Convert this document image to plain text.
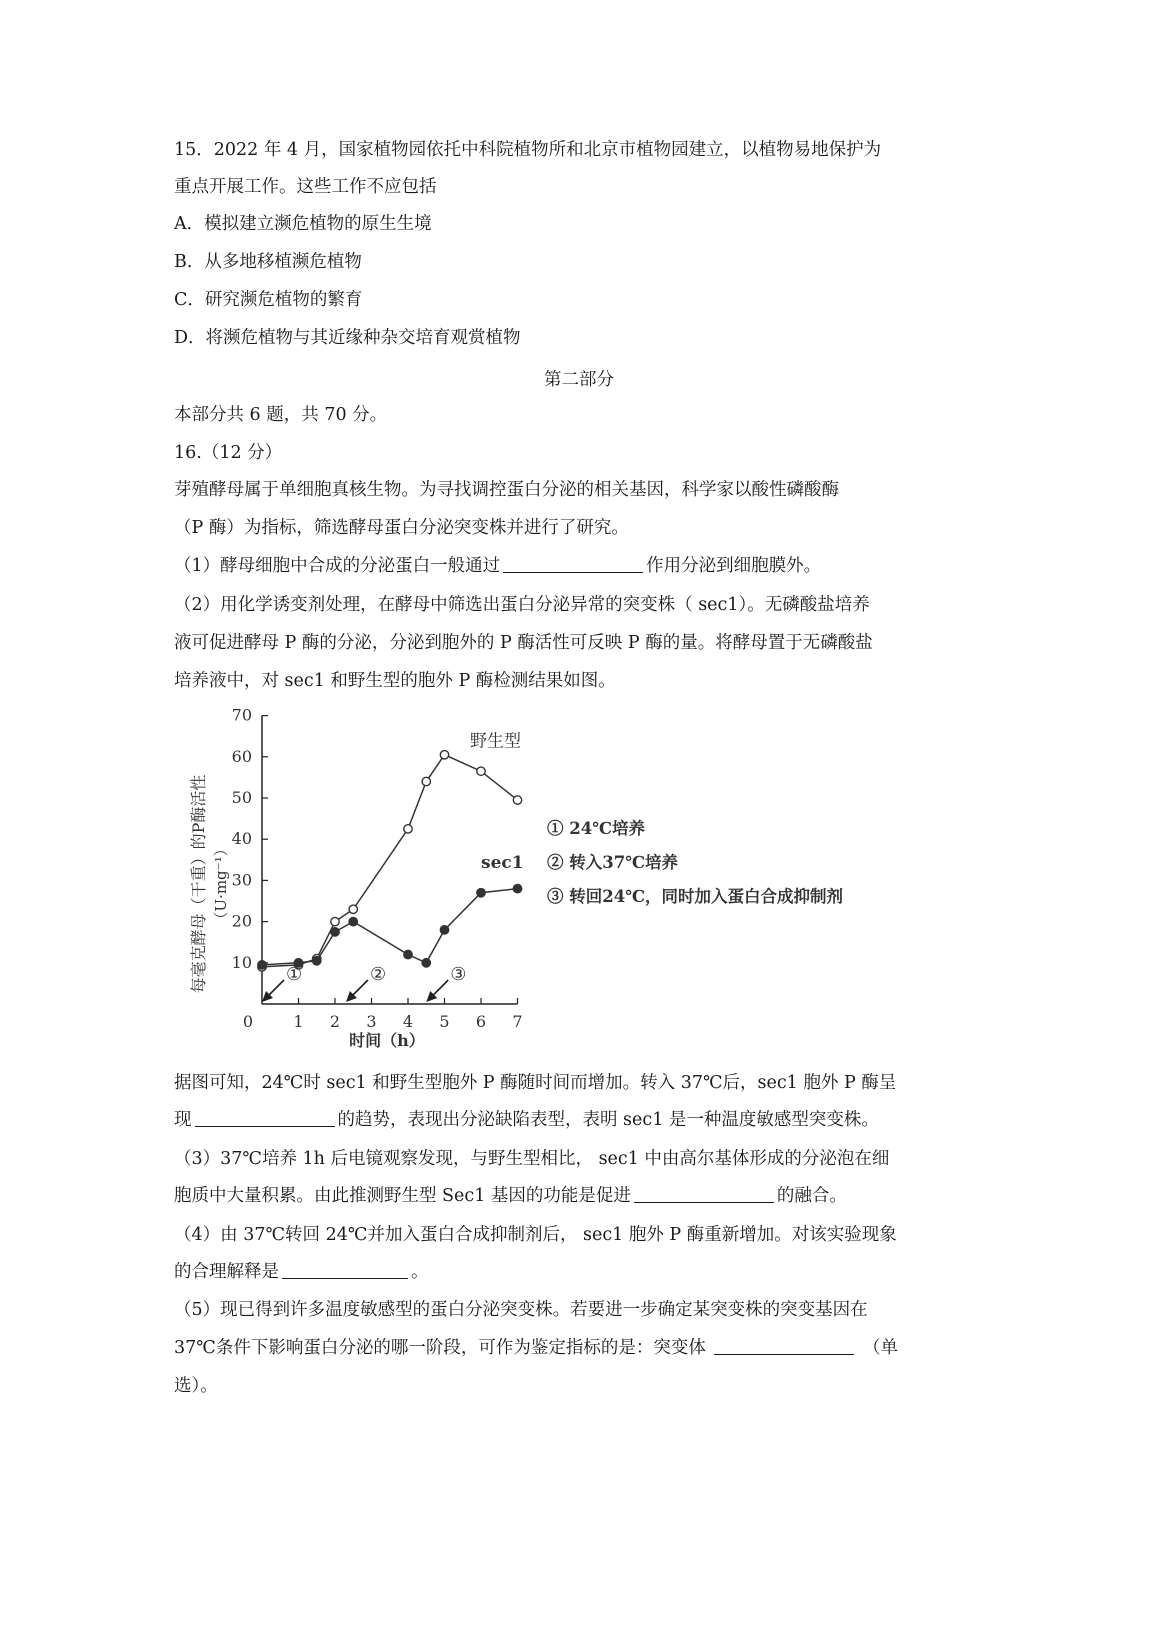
15．2022 年 4 月，国家植物园依托中科院植物所和北京市植物园建立，以植物易地保护为
重点开展工作。这些工作不应包括
A．模拟建立濒危植物的原生生境
B．从多地移植濒危植物
C．研究濒危植物的繁育
D．将濒危植物与其近缘种杂交培育观赏植物
第二部分
本部分共 6 题，共 70 分。
16.（12 分）
芽殖酵母属于单细胞真核生物。为寻找调控蛋白分泌的相关基因，科学家以酸性磷酸酶
（P 酶）为指标，筛选酵母蛋白分泌突变株并进行了研究。
（1）酵母细胞中合成的分泌蛋白一般通过	作用分泌到细胞膜外。
（2）用化学诱变剂处理，在酵母中筛选出蛋白分泌异常的突变株（ sec1）。无磷酸盐培养
液可促进酵母 P 酶的分泌，分泌到胞外的 P 酶活性可反映 P 酶的量。将酵母置于无磷酸盐
培养液中，对 sec1 和野生型的胞外 P 酶检测结果如图。
0	1 2 3 4 5 6 7
10
20
30
40
50
60
70
野生型
sec1
①	②	③
每毫克酵母（干重）的P酶活性 （U·mg⁻¹）
时间（h）
① 24℃培养
② 转入37℃培养
③ 转回24℃，同时加入蛋白合成抑制剂
据图可知，24℃时 sec1 和野生型胞外 P 酶随时间而增加。转入 37℃后，sec1 胞外 P 酶呈
现	的趋势，表现出分泌缺陷表型，表明 sec1 是一种温度敏感型突变株。
（3）37℃培养 1h 后电镜观察发现，与野生型相比， sec1 中由高尔基体形成的分泌泡在细
胞质中大量积累。由此推测野生型 Sec1 基因的功能是促进	的融合。
（4）由 37℃转回 24℃并加入蛋白合成抑制剂后， sec1 胞外 P 酶重新增加。对该实验现象
的合理解释是	。
（5）现已得到许多温度敏感型的蛋白分泌突变株。若要进一步确定某突变株的突变基因在
37℃条件下影响蛋白分泌的哪一阶段，可作为鉴定指标的是：突变体	（单
选）。
